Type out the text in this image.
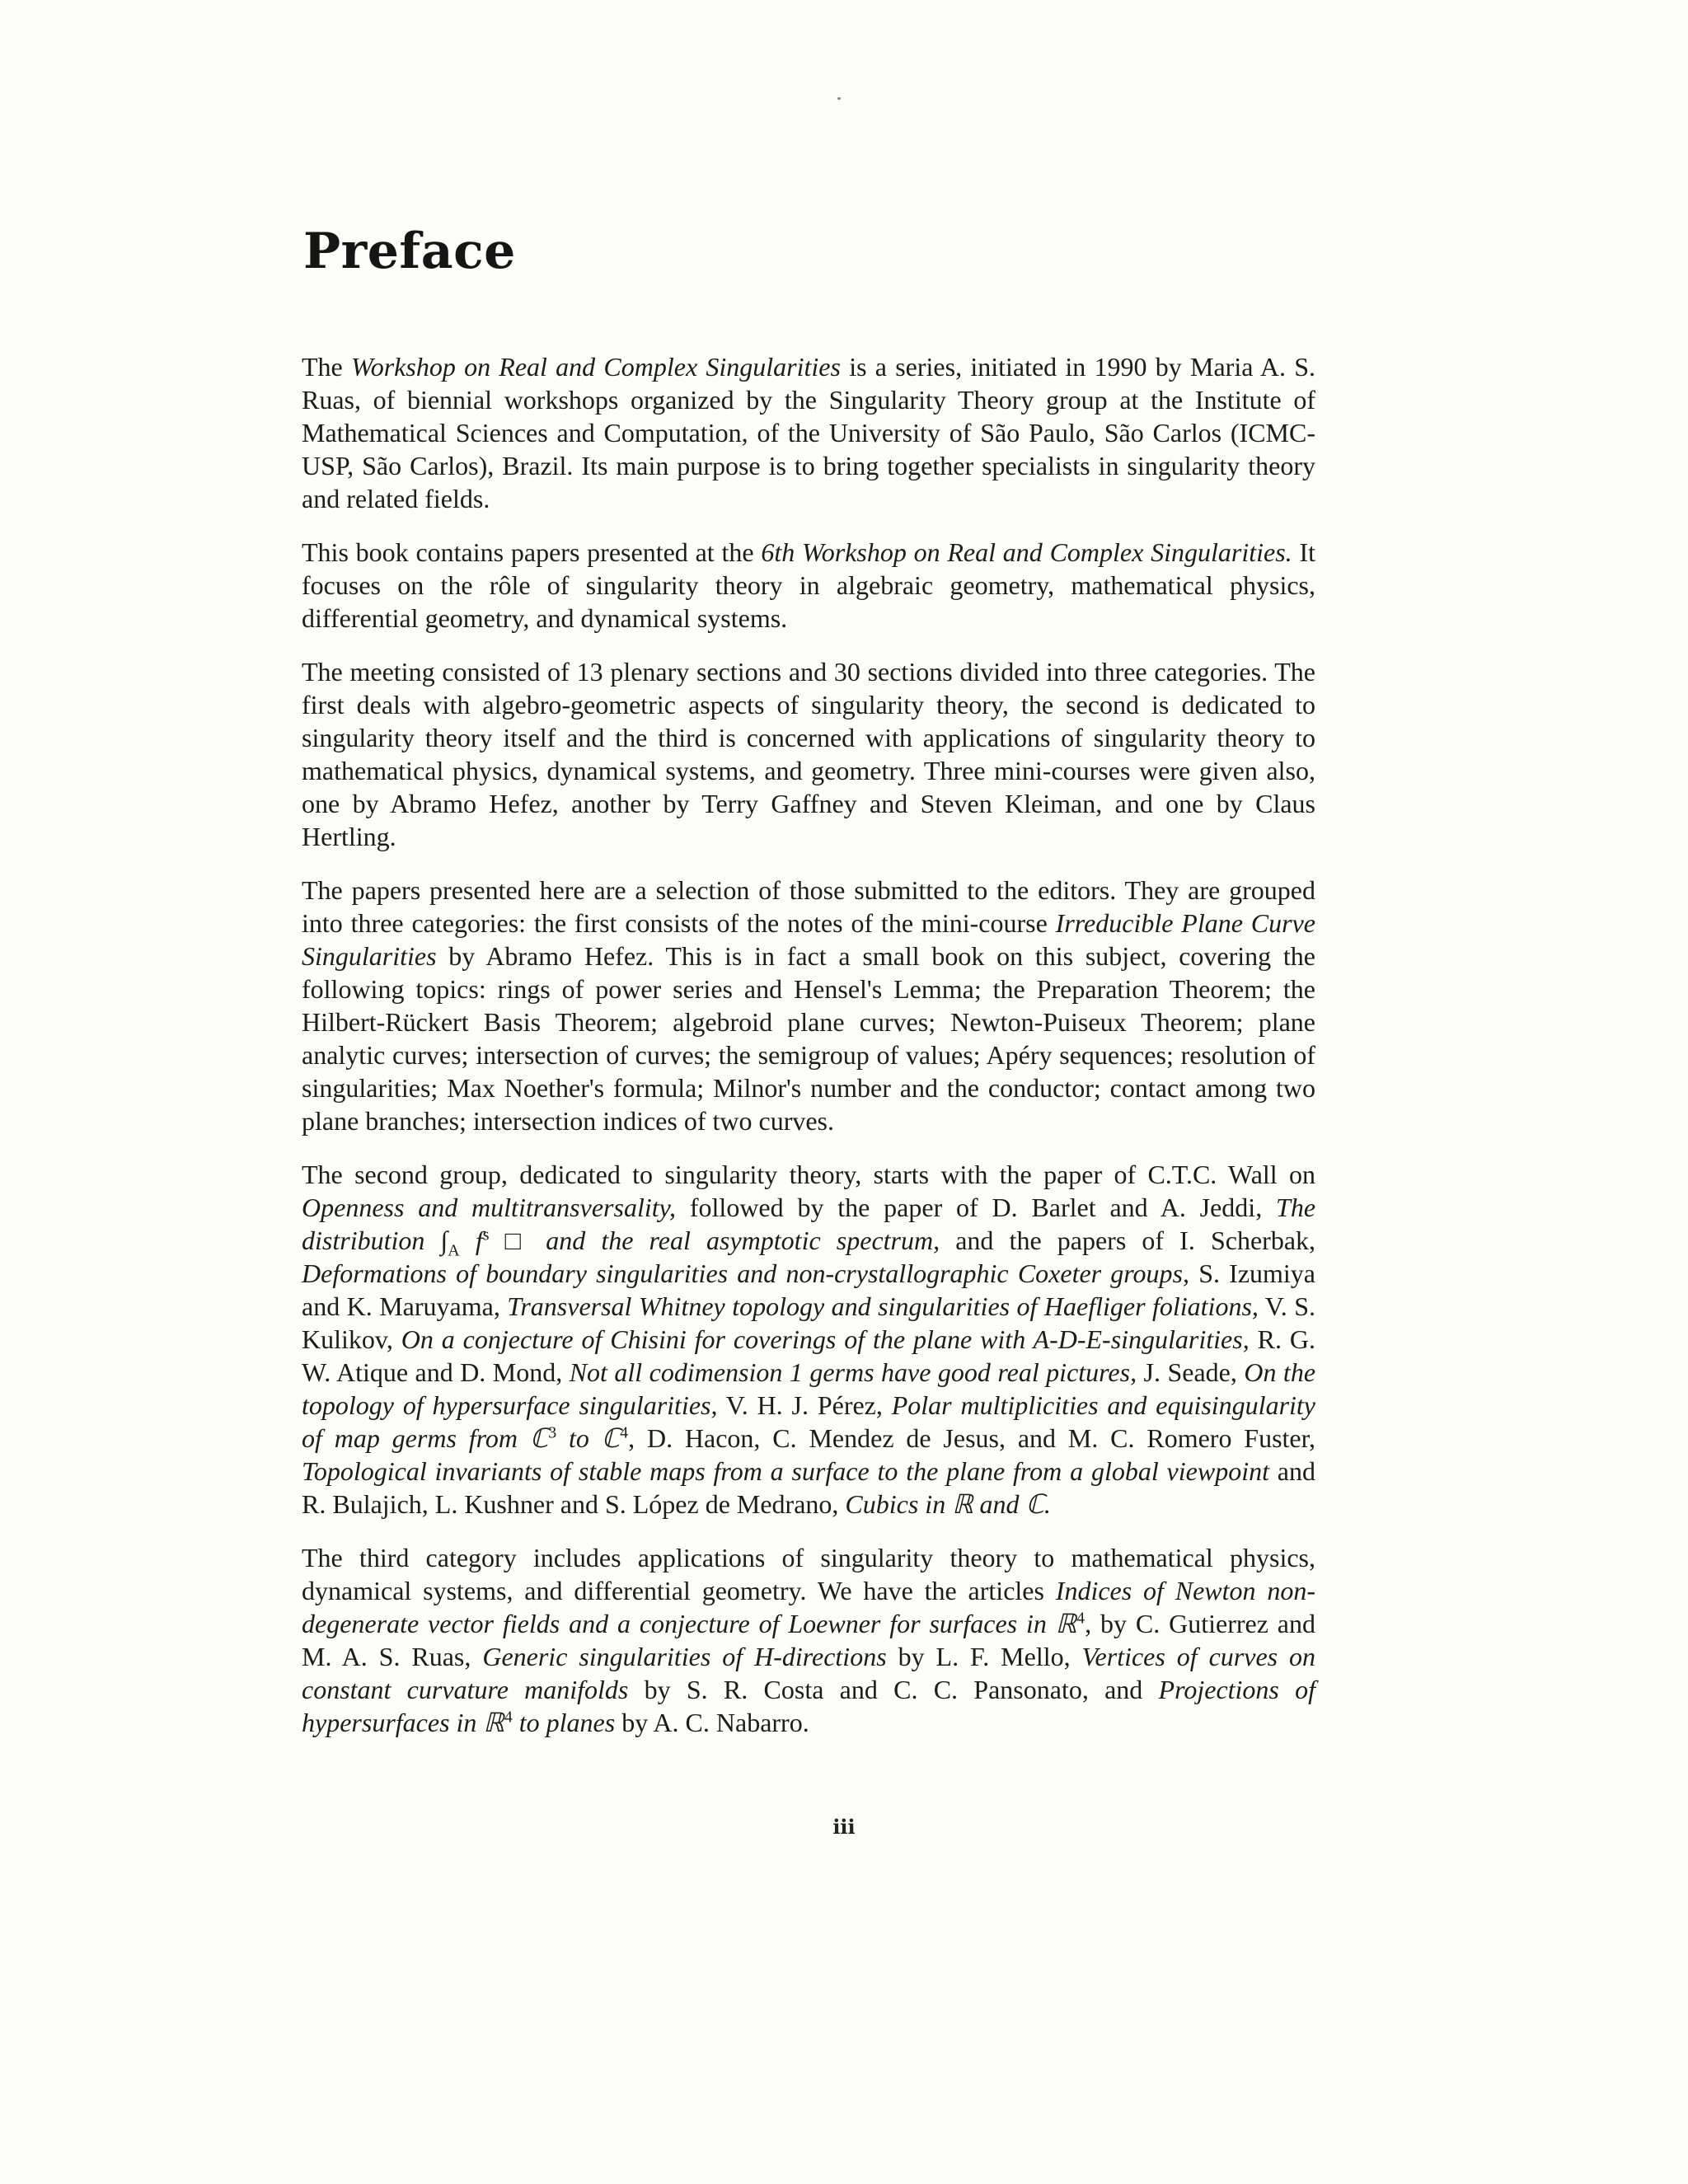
Preface

The Workshop on Real and Complex Singularities is a series, initiated in 1990 by Maria A. S. Ruas, of biennial workshops organized by the Singularity Theory group at the Institute of Mathematical Sciences and Computation, of the University of São Paulo, São Carlos (ICMC-USP, São Carlos), Brazil. Its main purpose is to bring together specialists in singularity theory and related fields.

This book contains papers presented at the 6th Workshop on Real and Complex Singularities. It focuses on the rôle of singularity theory in algebraic geometry, mathematical physics, differential geometry, and dynamical systems.

The meeting consisted of 13 plenary sections and 30 sections divided into three categories. The first deals with algebro-geometric aspects of singularity theory, the second is dedicated to singularity theory itself and the third is concerned with applications of singularity theory to mathematical physics, dynamical systems, and geometry. Three mini-courses were given also, one by Abramo Hefez, another by Terry Gaffney and Steven Kleiman, and one by Claus Hertling.

The papers presented here are a selection of those submitted to the editors. They are grouped into three categories: the first consists of the notes of the mini-course Irreducible Plane Curve Singularities by Abramo Hefez. This is in fact a small book on this subject, covering the following topics: rings of power series and Hensel's Lemma; the Preparation Theorem; the Hilbert-Rückert Basis Theorem; algebroid plane curves; Newton-Puiseux Theorem; plane analytic curves; intersection of curves; the semigroup of values; Apéry sequences; resolution of singularities; Max Noether's formula; Milnor's number and the conductor; contact among two plane branches; intersection indices of two curves.

The second group, dedicated to singularity theory, starts with the paper of C.T.C. Wall on Openness and multitransversality, followed by the paper of D. Barlet and A. Jeddi, The distribution $\int_A$ $f^s$ □ and the real asymptotic spectrum, and the papers of I. Scherbak, Deformations of boundary singularities and non-crystallographic Coxeter groups, S. Izumiya and K. Maruyama, Transversal Whitney topology and singularities of Haefliger foliations, V. S. Kulikov, On a conjecture of Chisini for coverings of the plane with A-D-E-singularities, R. G. W. Atique and D. Mond, Not all codimension 1 germs have good real pictures, J. Seade, On the topology of hypersurface singularities, V. H. J. Pérez, Polar multiplicities and equisingularity of map germs from ℂ$^3$ to ℂ$^4$, D. Hacon, C. Mendez de Jesus, and M. C. Romero Fuster, Topological invariants of stable maps from a surface to the plane from a global viewpoint and R. Bulajich, L. Kushner and S. López de Medrano, Cubics in ℝ and ℂ.

The third category includes applications of singularity theory to mathematical physics, dynamical systems, and differential geometry. We have the articles Indices of Newton non-degenerate vector fields and a conjecture of Loewner for surfaces in ℝ$^4$, by C. Gutierrez and M. A. S. Ruas, Generic singularities of H-directions by L. F. Mello, Vertices of curves on constant curvature manifolds by S. R. Costa and C. C. Pansonato, and Projections of hypersurfaces in ℝ$^4$ to planes by A. C. Nabarro.

iii
